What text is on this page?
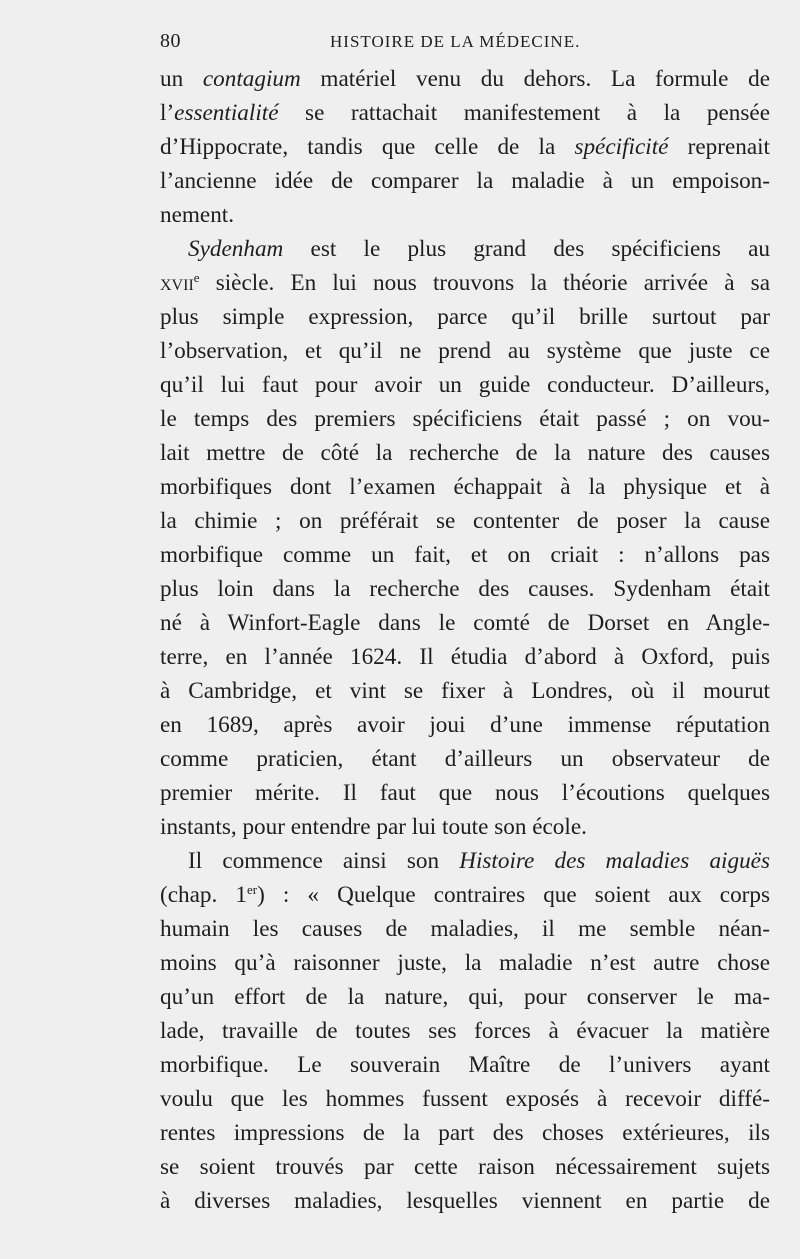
80	HISTOIRE DE LA MÉDECINE.
un contagium matériel venu du dehors. La formule de
l’essentialité se rattachait manifestement à la pensée
d’Hippocrate, tandis que celle de la spécificité reprenait
l’ancienne idée de comparer la maladie à un empoison-
nement.
Sydenham est le plus grand des spécificiens au
xvii$^e$ siècle. En lui nous trouvons la théorie arrivée à sa
plus simple expression, parce qu’il brille surtout par
l’observation, et qu’il ne prend au système que juste ce
qu’il lui faut pour avoir un guide conducteur. D’ailleurs,
le temps des premiers spécificiens était passé ; on vou-
lait mettre de côté la recherche de la nature des causes
morbifiques dont l’examen échappait à la physique et à
la chimie ; on préférait se contenter de poser la cause
morbifique comme un fait, et on criait : n’allons pas
plus loin dans la recherche des causes. Sydenham était
né à Winfort-Eagle dans le comté de Dorset en Angle-
terre, en l’année 1624. Il étudia d’abord à Oxford, puis
à Cambridge, et vint se fixer à Londres, où il mourut
en 1689, après avoir joui d’une immense réputation
comme praticien, étant d’ailleurs un observateur de
premier mérite. Il faut que nous l’écoutions quelques
instants, pour entendre par lui toute son école.
Il commence ainsi son Histoire des maladies aiguës
(chap. 1er) : « Quelque contraires que soient aux corps
humain les causes de maladies, il me semble néan-
moins qu’à raisonner juste, la maladie n’est autre chose
qu’un effort de la nature, qui, pour conserver le ma-
lade, travaille de toutes ses forces à évacuer la matière
morbifique. Le souverain Maître de l’univers ayant
voulu que les hommes fussent exposés à recevoir diffé-
rentes impressions de la part des choses extérieures, ils
se soient trouvés par cette raison nécessairement sujets
à diverses maladies, lesquelles viennent en partie de
